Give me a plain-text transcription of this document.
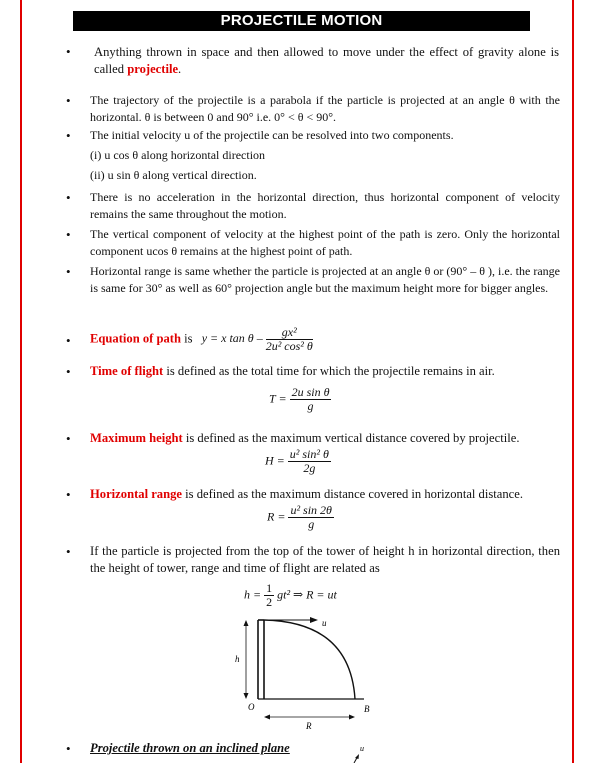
PROJECTILE MOTION
• Anything thrown in space and then allowed to move under the effect of gravity alone is called projectile.
• The trajectory of the projectile is a parabola if the particle is projected at an angle θ with the horizontal. θ is between 0 and 90° i.e. 0° < θ < 90°.
• The initial velocity u of the projectile can be resolved into two components.
(i) u cos θ along horizontal direction
(ii) u sin θ along vertical direction.
• There is no acceleration in the horizontal direction, thus horizontal component of velocity remains the same throughout the motion.
• The vertical component of velocity at the highest point of the path is zero. Only the horizontal component ucos θ remains at the highest point of path.
• Horizontal range is same whether the particle is projected at an angle θ or (90° – θ ), i.e. the range is same for 30° as well as 60° projection angle but the maximum height more for bigger angles.
• Equation of path is y = x tan θ – $\frac{\text{gx²}}{\text{2u² cos² θ}}$
• Time of flight is defined as the total time for which the projectile remains in air.
$T = \frac{\text{2u sin θ}}{g}$
• Maximum height is defined as the maximum vertical distance covered by projectile.
$H = \frac{\text{u² sin² θ}}{2g}$
• Horizontal range is defined as the maximum distance covered in horizontal distance.
$R = \frac{\text{u² sin 2θ}}{g}$
• If the particle is projected from the top of the tower of height h in horizontal direction, then the height of tower, range and time of flight are related as
$h = \frac{1}{2} gt^2$ ⇒ R = ut
u
h
O	B
R
• Projectile thrown on an inclined plane	u
